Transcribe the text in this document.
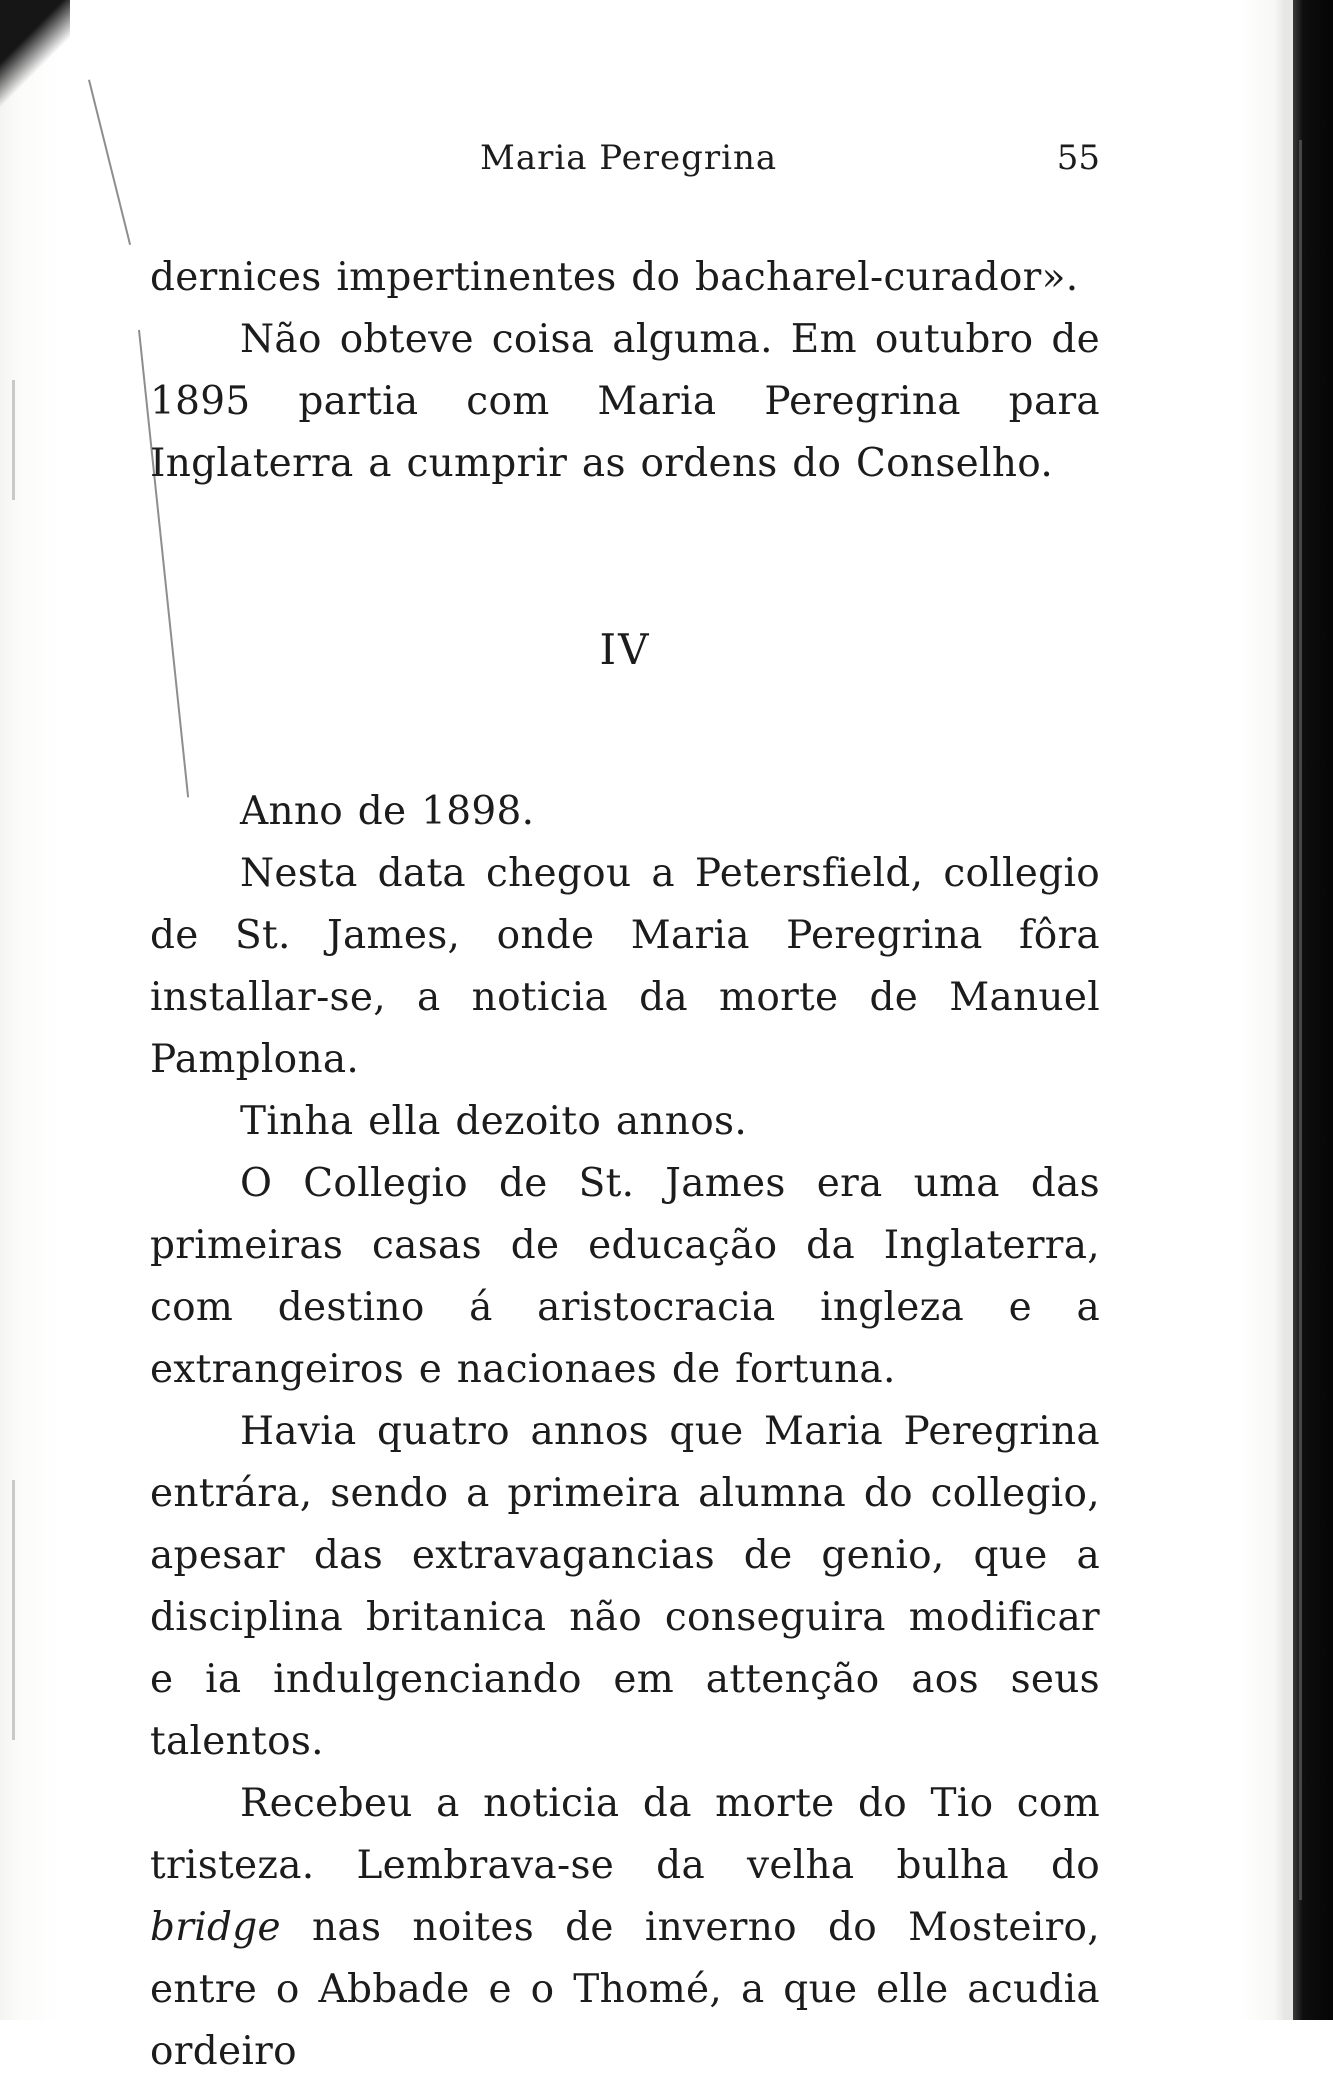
Maria Peregrina	55

dernices impertinentes do bacharel-curador».

Não obteve coisa alguma. Em outubro de 1895 partia com Maria Peregrina para Inglaterra a cumprir as ordens do Conselho.

IV

Anno de 1898.

Nesta data chegou a Petersfield, collegio de St. James, onde Maria Peregrina fôra installar-se, a noticia da morte de Manuel Pamplona.

Tinha ella dezoito annos.

O Collegio de St. James era uma das primeiras casas de educação da Inglaterra, com destino á aristocracia ingleza e a extrangeiros e nacionaes de fortuna.

Havia quatro annos que Maria Peregrina entrára, sendo a primeira alumna do collegio, apesar das extravagancias de genio, que a disciplina britanica não conseguira modificar e ia indulgenciando em attenção aos seus talentos.

Recebeu a noticia da morte do Tio com tristeza. Lembrava-se da velha bulha do bridge nas noites de inverno do Mosteiro, entre o Abbade e o Thomé, a que elle acudia ordeiro
